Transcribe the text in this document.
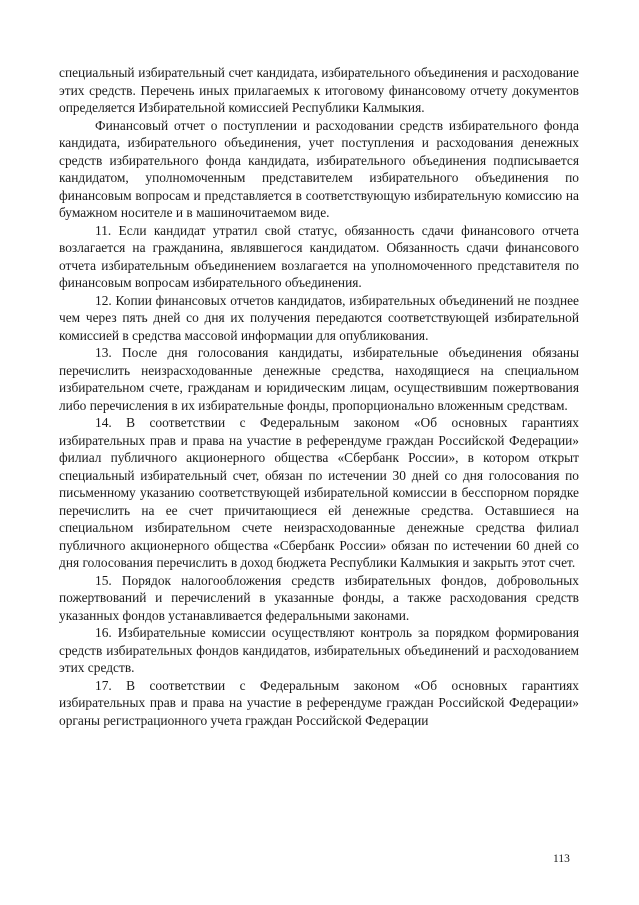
специальный избирательный счет кандидата, избирательного объединения и расходование этих средств. Перечень иных прилагаемых к итоговому финансовому отчету документов определяется Избирательной комиссией Республики Калмыкия.

Финансовый отчет о поступлении и расходовании средств избирательного фонда кандидата, избирательного объединения, учет поступления и расходования денежных средств избирательного фонда кандидата, избирательного объединения подписывается кандидатом, уполномоченным представителем избирательного объединения по финансовым вопросам и представляется в соответствующую избирательную комиссию на бумажном носителе и в машиночитаемом виде.

11. Если кандидат утратил свой статус, обязанность сдачи финансового отчета возлагается на гражданина, являвшегося кандидатом. Обязанность сдачи финансового отчета избирательным объединением возлагается на уполномоченного представителя по финансовым вопросам избирательного объединения.

12. Копии финансовых отчетов кандидатов, избирательных объединений не позднее чем через пять дней со дня их получения передаются соответствующей избирательной комиссией в средства массовой информации для опубликования.

13. После дня голосования кандидаты, избирательные объединения обязаны перечислить неизрасходованные денежные средства, находящиеся на специальном избирательном счете, гражданам и юридическим лицам, осуществившим пожертвования либо перечисления в их избирательные фонды, пропорционально вложенным средствам.

14. В соответствии с Федеральным законом «Об основных гарантиях избирательных прав и права на участие в референдуме граждан Российской Федерации» филиал публичного акционерного общества «Сбербанк России», в котором открыт специальный избирательный счет, обязан по истечении 30 дней со дня голосования по письменному указанию соответствующей избирательной комиссии в бесспорном порядке перечислить на ее счет причитающиеся ей денежные средства. Оставшиеся на специальном избирательном счете неизрасходованные денежные средства филиал публичного акционерного общества «Сбербанк России» обязан по истечении 60 дней со дня голосования перечислить в доход бюджета Республики Калмыкия и закрыть этот счет.

15. Порядок налогообложения средств избирательных фондов, добровольных пожертвований и перечислений в указанные фонды, а также расходования средств указанных фондов устанавливается федеральными законами.

16. Избирательные комиссии осуществляют контроль за порядком формирования средств избирательных фондов кандидатов, избирательных объединений и расходованием этих средств.

17. В соответствии с Федеральным законом «Об основных гарантиях избирательных прав и права на участие в референдуме граждан Российской Федерации» органы регистрационного учета граждан Российской Федерации

113
